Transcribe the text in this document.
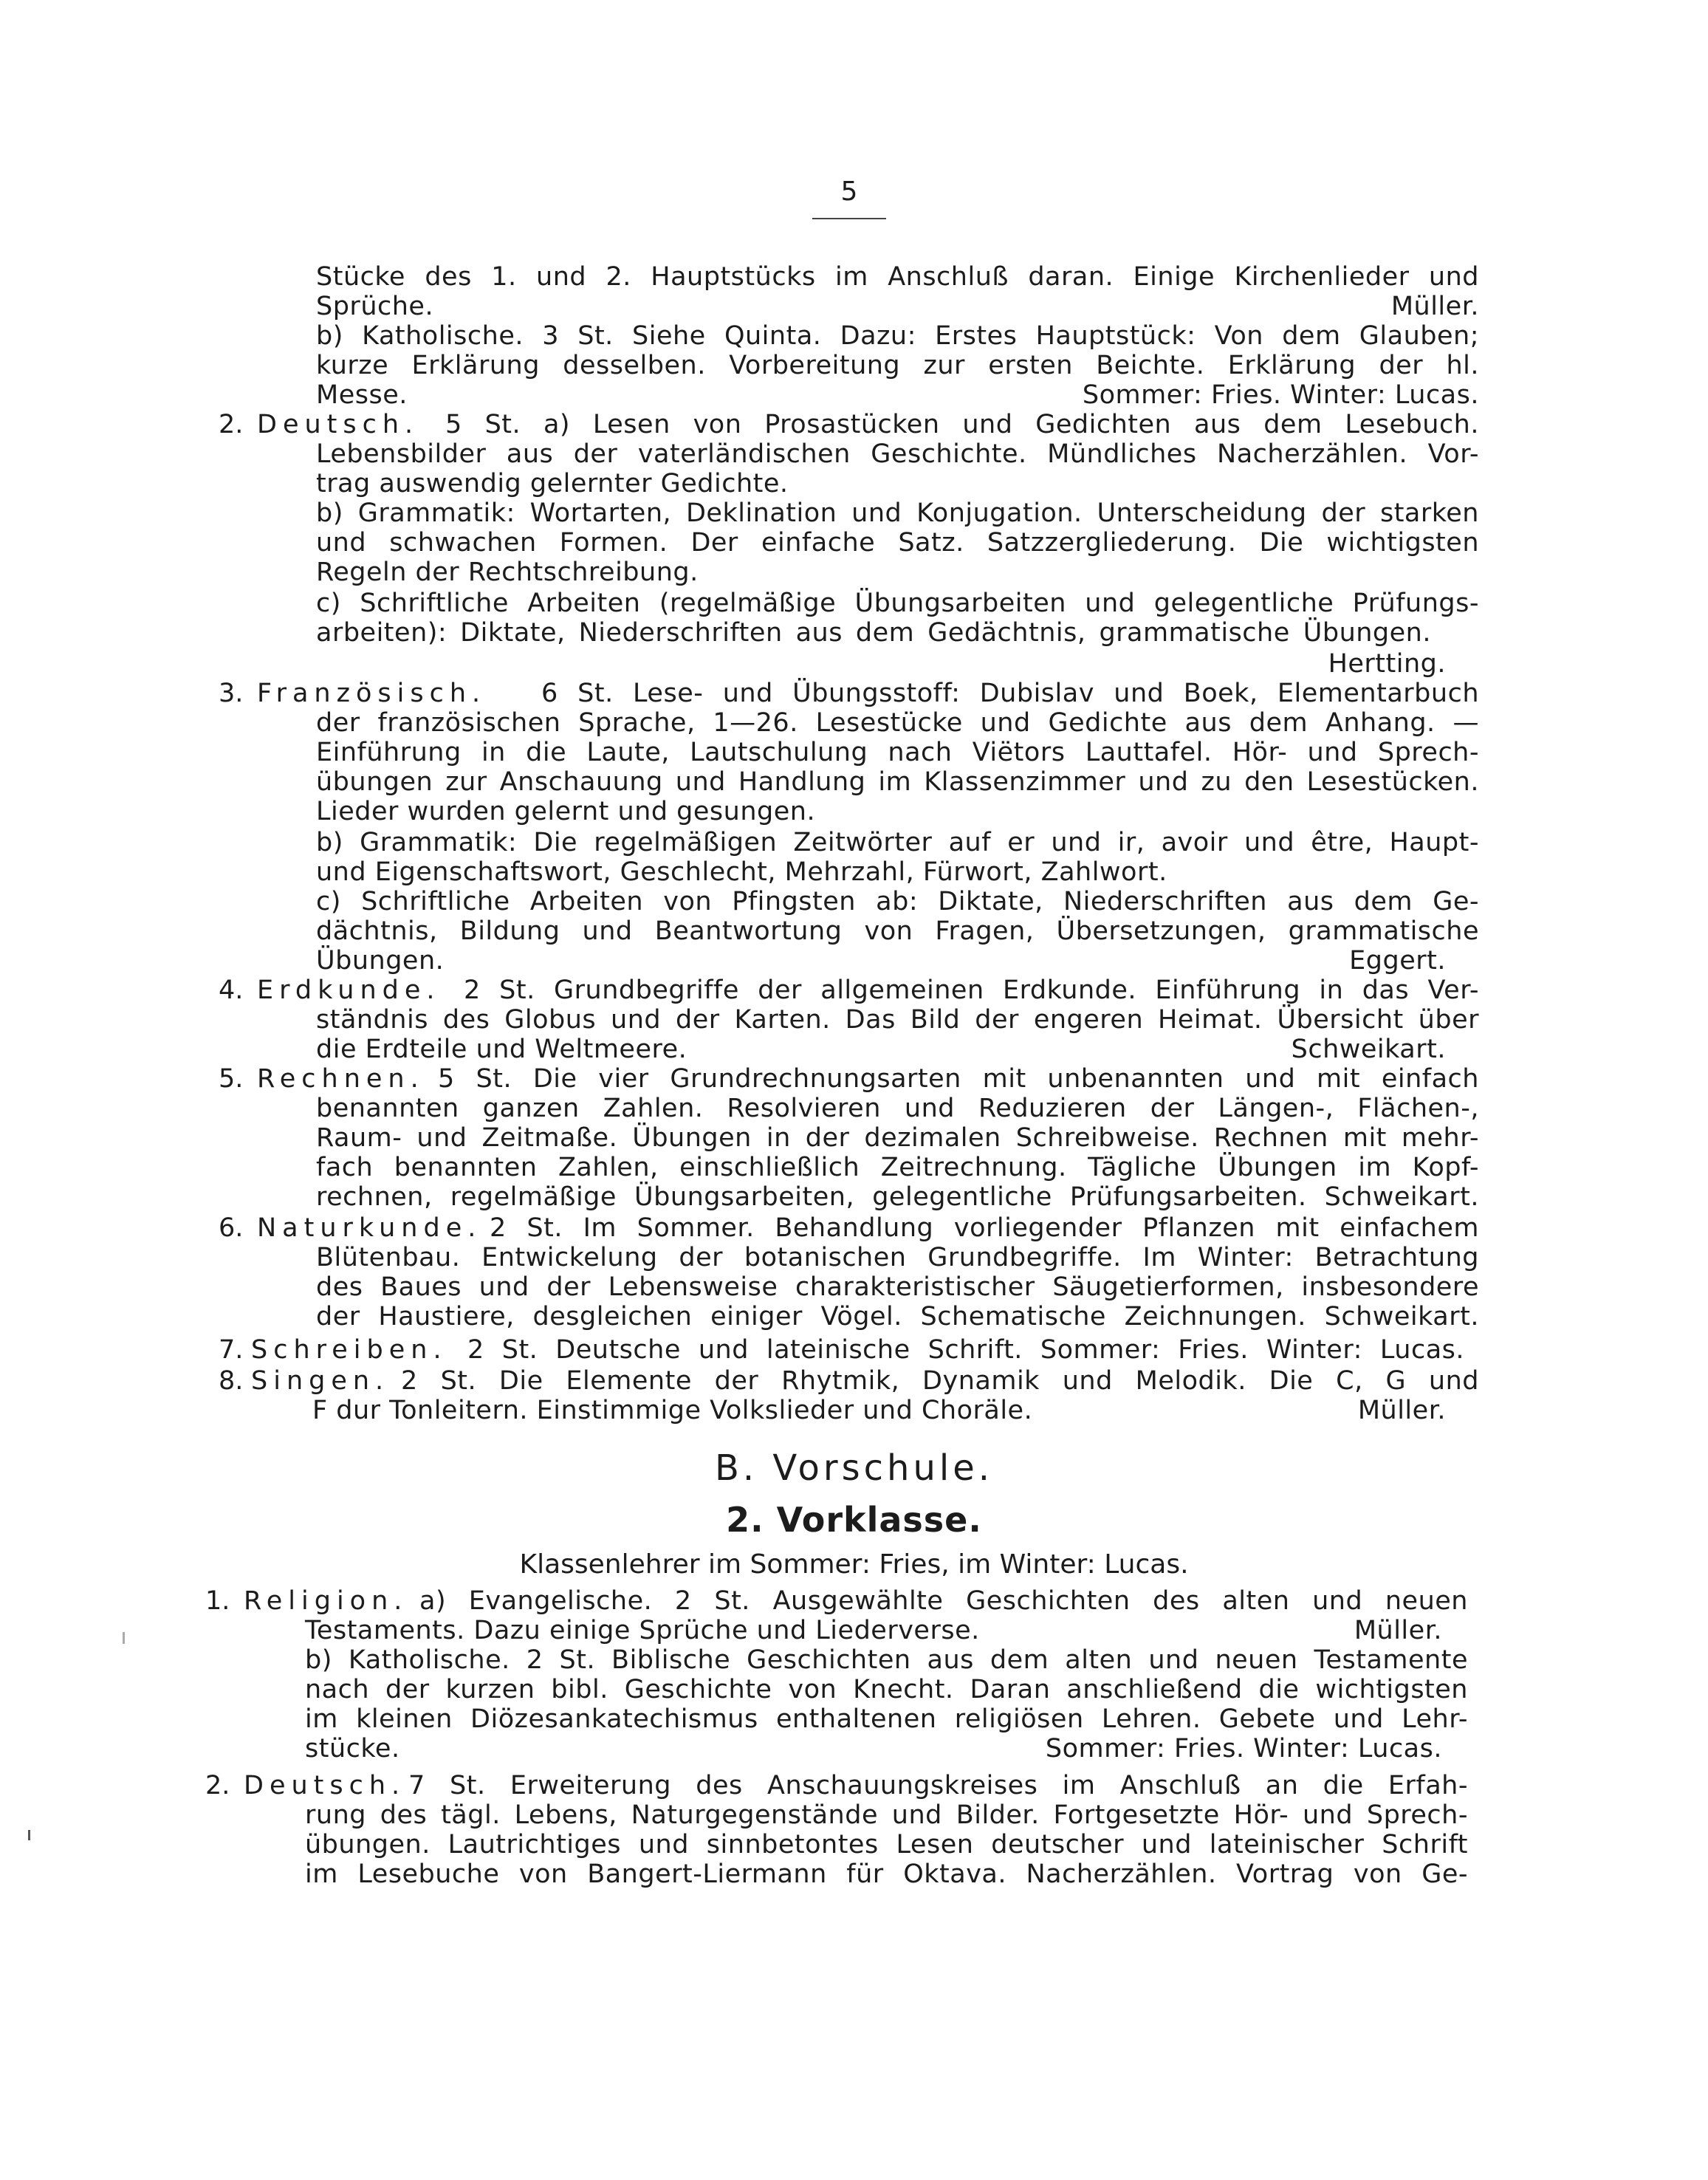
5
Stücke des 1. und 2. Hauptstücks im Anschluß daran. Einige Kirchenlieder und
Sprüche.	Müller.
b) Katholische. 3 St. Siehe Quinta. Dazu: Erstes Hauptstück: Von dem Glauben;
kurze Erklärung desselben. Vorbereitung zur ersten Beichte. Erklärung der hl.
Messe.	Sommer: Fries. Winter: Lucas.
2. Deutsch. 5 St. a) Lesen von Prosastücken und Gedichten aus dem Lesebuch.
Lebensbilder aus der vaterländischen Geschichte. Mündliches Nacherzählen. Vor-
trag auswendig gelernter Gedichte.
b) Grammatik: Wortarten, Deklination und Konjugation. Unterscheidung der starken
und schwachen Formen. Der einfache Satz. Satzzergliederung. Die wichtigsten
Regeln der Rechtschreibung.
c) Schriftliche Arbeiten (regelmäßige Übungsarbeiten und gelegentliche Prüfungs-
arbeiten): Diktate, Niederschriften aus dem Gedächtnis, grammatische Übungen.
Hertting.
3. Französisch. 6 St. Lese- und Übungsstoff: Dubislav und Boek, Elementarbuch
der französischen Sprache, 1—26. Lesestücke und Gedichte aus dem Anhang. —
Einführung in die Laute, Lautschulung nach Viëtors Lauttafel. Hör- und Sprech-
übungen zur Anschauung und Handlung im Klassenzimmer und zu den Lesestücken.
Lieder wurden gelernt und gesungen.
b) Grammatik: Die regelmäßigen Zeitwörter auf er und ir, avoir und être, Haupt-
und Eigenschaftswort, Geschlecht, Mehrzahl, Fürwort, Zahlwort.
c) Schriftliche Arbeiten von Pfingsten ab: Diktate, Niederschriften aus dem Ge-
dächtnis, Bildung und Beantwortung von Fragen, Übersetzungen, grammatische
Übungen.	Eggert.
4. Erdkunde. 2 St. Grundbegriffe der allgemeinen Erdkunde. Einführung in das Ver-
ständnis des Globus und der Karten. Das Bild der engeren Heimat. Übersicht über
die Erdteile und Weltmeere.	Schweikart.
5. Rechnen. 5 St. Die vier Grundrechnungsarten mit unbenannten und mit einfach
benannten ganzen Zahlen. Resolvieren und Reduzieren der Längen-, Flächen-,
Raum- und Zeitmaße. Übungen in der dezimalen Schreibweise. Rechnen mit mehr-
fach benannten Zahlen, einschließlich Zeitrechnung. Tägliche Übungen im Kopf-
rechnen, regelmäßige Übungsarbeiten, gelegentliche Prüfungsarbeiten. Schweikart.
6. Naturkunde. 2 St. Im Sommer. Behandlung vorliegender Pflanzen mit einfachem
Blütenbau. Entwickelung der botanischen Grundbegriffe. Im Winter: Betrachtung
des Baues und der Lebensweise charakteristischer Säugetierformen, insbesondere
der Haustiere, desgleichen einiger Vögel. Schematische Zeichnungen. Schweikart.
7. Schreiben. 2 St. Deutsche und lateinische Schrift. Sommer: Fries. Winter: Lucas.
8. Singen. 2 St. Die Elemente der Rhytmik, Dynamik und Melodik. Die C, G und
F dur Tonleitern. Einstimmige Volkslieder und Choräle.	Müller.
B. Vorschule.
2. Vorklasse.
Klassenlehrer im Sommer: Fries, im Winter: Lucas.
1. Religion. a) Evangelische. 2 St. Ausgewählte Geschichten des alten und neuen
Testaments. Dazu einige Sprüche und Liederverse.	Müller.
b) Katholische. 2 St. Biblische Geschichten aus dem alten und neuen Testamente
nach der kurzen bibl. Geschichte von Knecht. Daran anschließend die wichtigsten
im kleinen Diözesankatechismus enthaltenen religiösen Lehren. Gebete und Lehr-
stücke.	Sommer: Fries. Winter: Lucas.
2. Deutsch. 7 St. Erweiterung des Anschauungskreises im Anschluß an die Erfah-
rung des tägl. Lebens, Naturgegenstände und Bilder. Fortgesetzte Hör- und Sprech-
übungen. Lautrichtiges und sinnbetontes Lesen deutscher und lateinischer Schrift
im Lesebuche von Bangert-Liermann für Oktava. Nacherzählen. Vortrag von Ge-
